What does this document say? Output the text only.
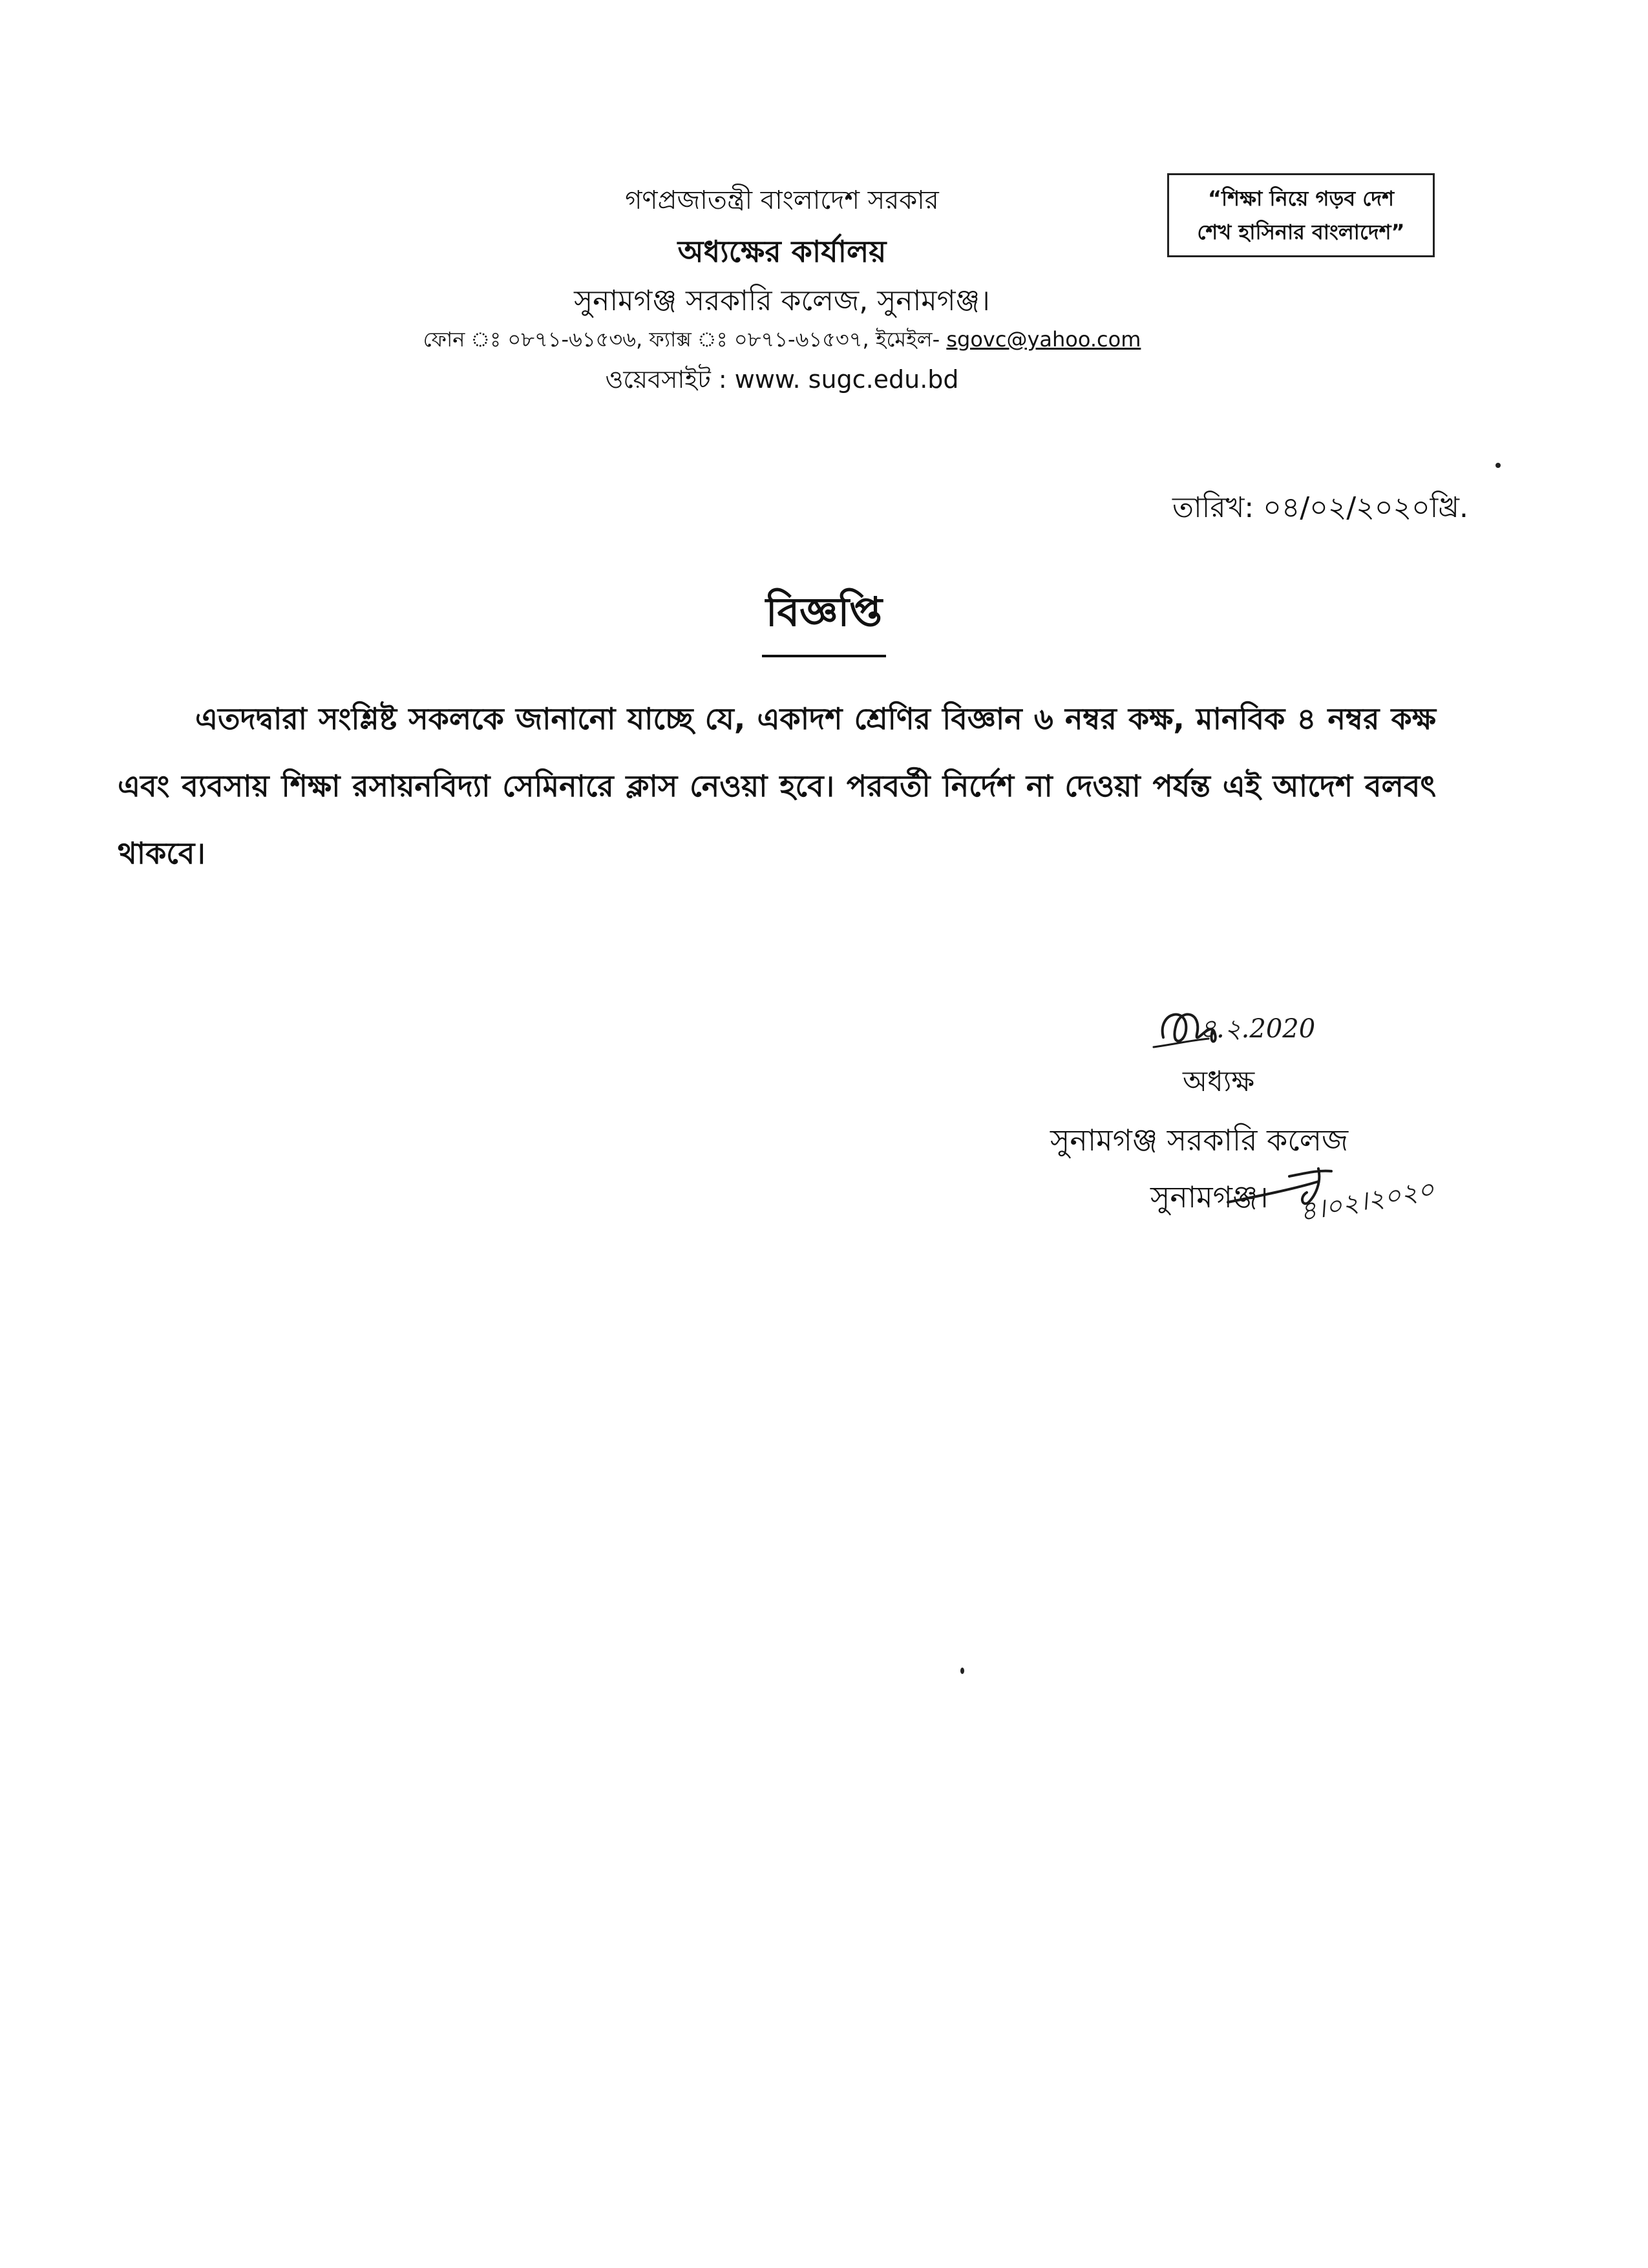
গণপ্রজাতন্ত্রী বাংলাদেশ সরকার
অধ্যক্ষের কার্যালয়
সুনামগঞ্জ সরকারি কলেজ, সুনামগঞ্জ।
ফোন ঃ ০৮৭১-৬১৫৩৬, ফ্যাক্স ঃ ০৮৭১-৬১৫৩৭, ইমেইল- sgovc@yahoo.com
ওয়েবসাইট : www. sugc.edu.bd
“শিক্ষা নিয়ে গড়ব দেশ
শেখ হাসিনার বাংলাদেশ”
তারিখ: ০৪/০২/২০২০খ্রি.
বিজ্ঞপ্তি

এতদদ্বারা সংশ্লিষ্ট সকলকে জানানো যাচ্ছে যে, একাদশ শ্রেণির বিজ্ঞান ৬ নম্বর কক্ষ, মানবিক ৪ নম্বর কক্ষ এবং ব্যবসায় শিক্ষা রসায়নবিদ্যা সেমিনারে ক্লাস নেওয়া হবে। পরবর্তী নির্দেশ না দেওয়া পর্যন্ত এই আদেশ বলবৎ থাকবে।

৪.২.2020
অধ্যক্ষ
সুনামগঞ্জ সরকারি কলেজ
সুনামগঞ্জ। ৪।০২।২০২০
